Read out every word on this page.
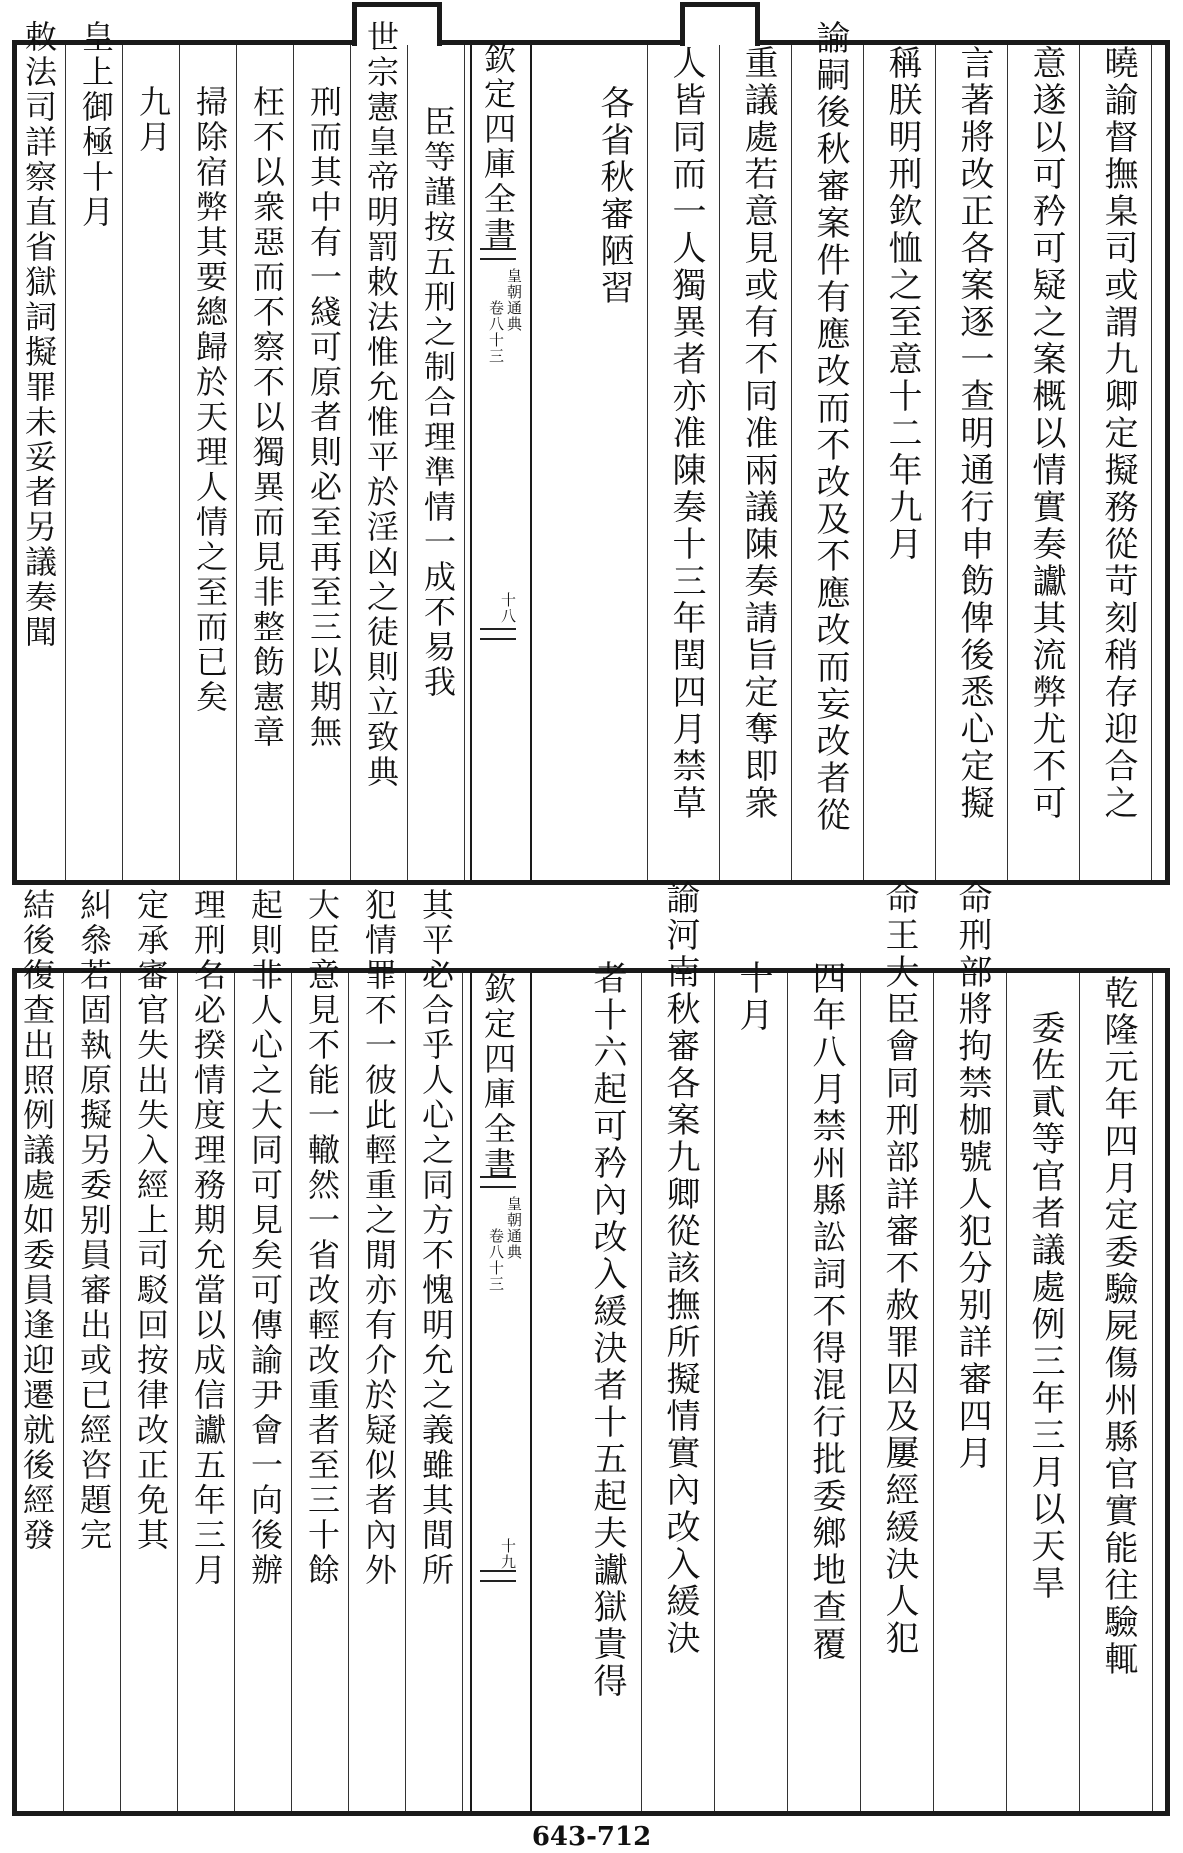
曉諭督撫臬司或謂九卿定擬務從苛刻稍存迎合之
意遂以可矜可疑之案概以情實奏讞其流弊尤不可
言著將改正各案逐一查明通行申飭俾後悉心定擬
稱朕明刑欽恤之至意十二年九月
諭嗣後秋審案件有應改而不改及不應改而妄改者從
重議處若意見或有不同准兩議陳奏請旨定奪即衆
人皆同而一人獨異者亦准陳奏十三年閏四月禁草
各省秋審陋習
臣等謹按五刑之制合理準情一成不易我
世宗憲皇帝明罰敕法惟允惟平於淫凶之徒則立致典
刑而其中有一綫可原者則必至再至三以期無
枉不以衆惡而不察不以獨異而見非整飭憲章
掃除宿弊其要總歸於天理人情之至而已矣
九月
皇上御極十月
敕法司詳察直省獄詞擬罪未妥者另議奏聞	欽定四庫全書
皇朝通典
卷八十三
十八
乾隆元年四月定委驗屍傷州縣官實能往驗輒
委佐貳等官者議處例三年三月以天旱
命刑部將拘禁枷號人犯分别詳審四月
命王大臣會同刑部詳審不赦罪囚及屢經緩決人犯
四年八月禁州縣訟詞不得混行批委鄉地查覆
十月
諭河南秋審各案九卿從該撫所擬情實內改入緩決
者十六起可矜內改入緩決者十五起夫讞獄貴得
其平必合乎人心之同方不愧明允之義雖其間所
犯情罪不一彼此輕重之閒亦有介於疑似者內外
大臣意見不能一轍然一省改輕改重者至三十餘
起則非人心之大同可見矣可傳諭尹會一向後辦
理刑名必揆情度理務期允當以成信讞五年三月
定承審官失出失入經上司駁回按律改正免其
糾叅若固執原擬另委别員審出或已經咨題完
結後復查出照例議處如委員逢迎遷就後經發	欽定四庫全書
皇朝通典
卷八十三
十九
643-712
